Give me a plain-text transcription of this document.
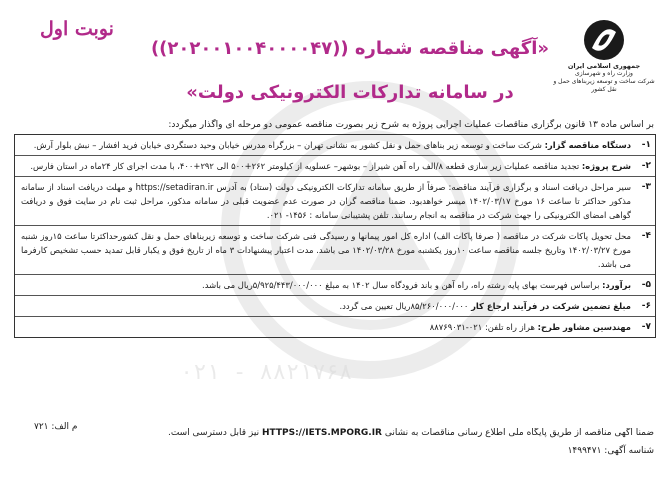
۰۲۱ - ۸۸۲۱۷۶۸
جمهوری اسلامی ایران
وزارت راه و شهرسازی
شرکت ساخت و توسعه زیربناهای حمل و نقل کشور
نوبت اول
«آگهی مناقصه شماره ((۲۰۲۰۰۱۰۰۴۰۰۰۰۴۷))
در سامانه تدارکات الکترونیکی دولت»
بر اساس ماده ۱۳ قانون برگزاری مناقصات عملیات اجرایی پروژه به شرح زیر بصورت مناقصه عمومی دو مرحله ای واگذار میگردد:
۱-
دستگاه مناقصه گزار: شرکت ساخت و توسعه زیر بناهای حمل و نقل کشور به نشانی تهران – بزرگراه مدرس خیابان وحید دستگردی خیابان فرید افشار – نبش بلوار آرش.
۲-
شرح پروژه: تجدید مناقصه عملیات زیر سازی قطعه ۸/الف راه آهن شیراز – بوشهر– عسلویه از کیلومتر ۲۶۲+۵۰۰ الی ۲۹۲+۴۰۰، با مدت اجرای کار ۲۴ماه در استان فارس.
۳-
سیر مراحل دریافت اسناد و برگزاری فرآیند مناقصه: صرفاً از طریق سامانه تدارکات الکترونیکی دولت (ستاد) به آدرس https://setadiran.ir و مهلت دریافت اسناد از سامانه مذکور حداکثر تا ساعت ۱۶ مورخ ۱۴۰۲/۰۳/۱۷ میسر خواهدبود. ضمنا مناقصه گران در صورت عدم عضویت قبلی در سامانه مذکور، مراحل ثبت نام در سایت فوق و دریافت گواهی امضای الکترونیکی را جهت شرکت در مناقصه به انجام رسانند. تلفن پشتیبانی سامانه : ۱۴۵۶- ۰۲۱.
۴-
محل تحویل پاکات شرکت در مناقصه ( صرفا پاکات الف) اداره کل امور پیمانها و رسیدگی فنی شرکت ساخت و توسعه زیربناهای حمل و نقل کشورحداکثرتا ساعت ۱۵روز شنبه مورخ ۱۴۰۲/۰۳/۲۷ وتاریخ جلسه مناقصه ساعت ۱۰روز یکشنبه مورخ ۱۴۰۲/۰۳/۲۸ می باشد. مدت اعتبار پیشنهادات ۳ ماه از تاریخ فوق و یکبار قابل تمدید حسب تشخیص کارفرما می باشد.
۵-
برآورد: براساس فهرست بهای پایه رشته راه، راه آهن و باند فرودگاه سال ۱۴۰۲ به مبلغ ۵/۹۲۵/۴۴۳/۰۰۰/۰۰۰ریال می باشد.
۶-
مبلغ تضمین شرکت در فرآیند ارجاع کار ۸۵/۲۶۰/۰۰۰/۰۰۰ریال تعیین می گردد.
۷-
مهندسین مشاور طرح: هراز راه تلفن: ۰۲۱-۸۸۷۶۹۰۳۱
ضمنا آگهی مناقصه از طریق پایگاه ملی اطلاع رسانی مناقصات به نشانی HTTPS://IETS.MPORG.IR نیز قابل دسترسی است.
شناسه آگهی: ۱۴۹۹۴۷۱
م الف: ۷۲۱
